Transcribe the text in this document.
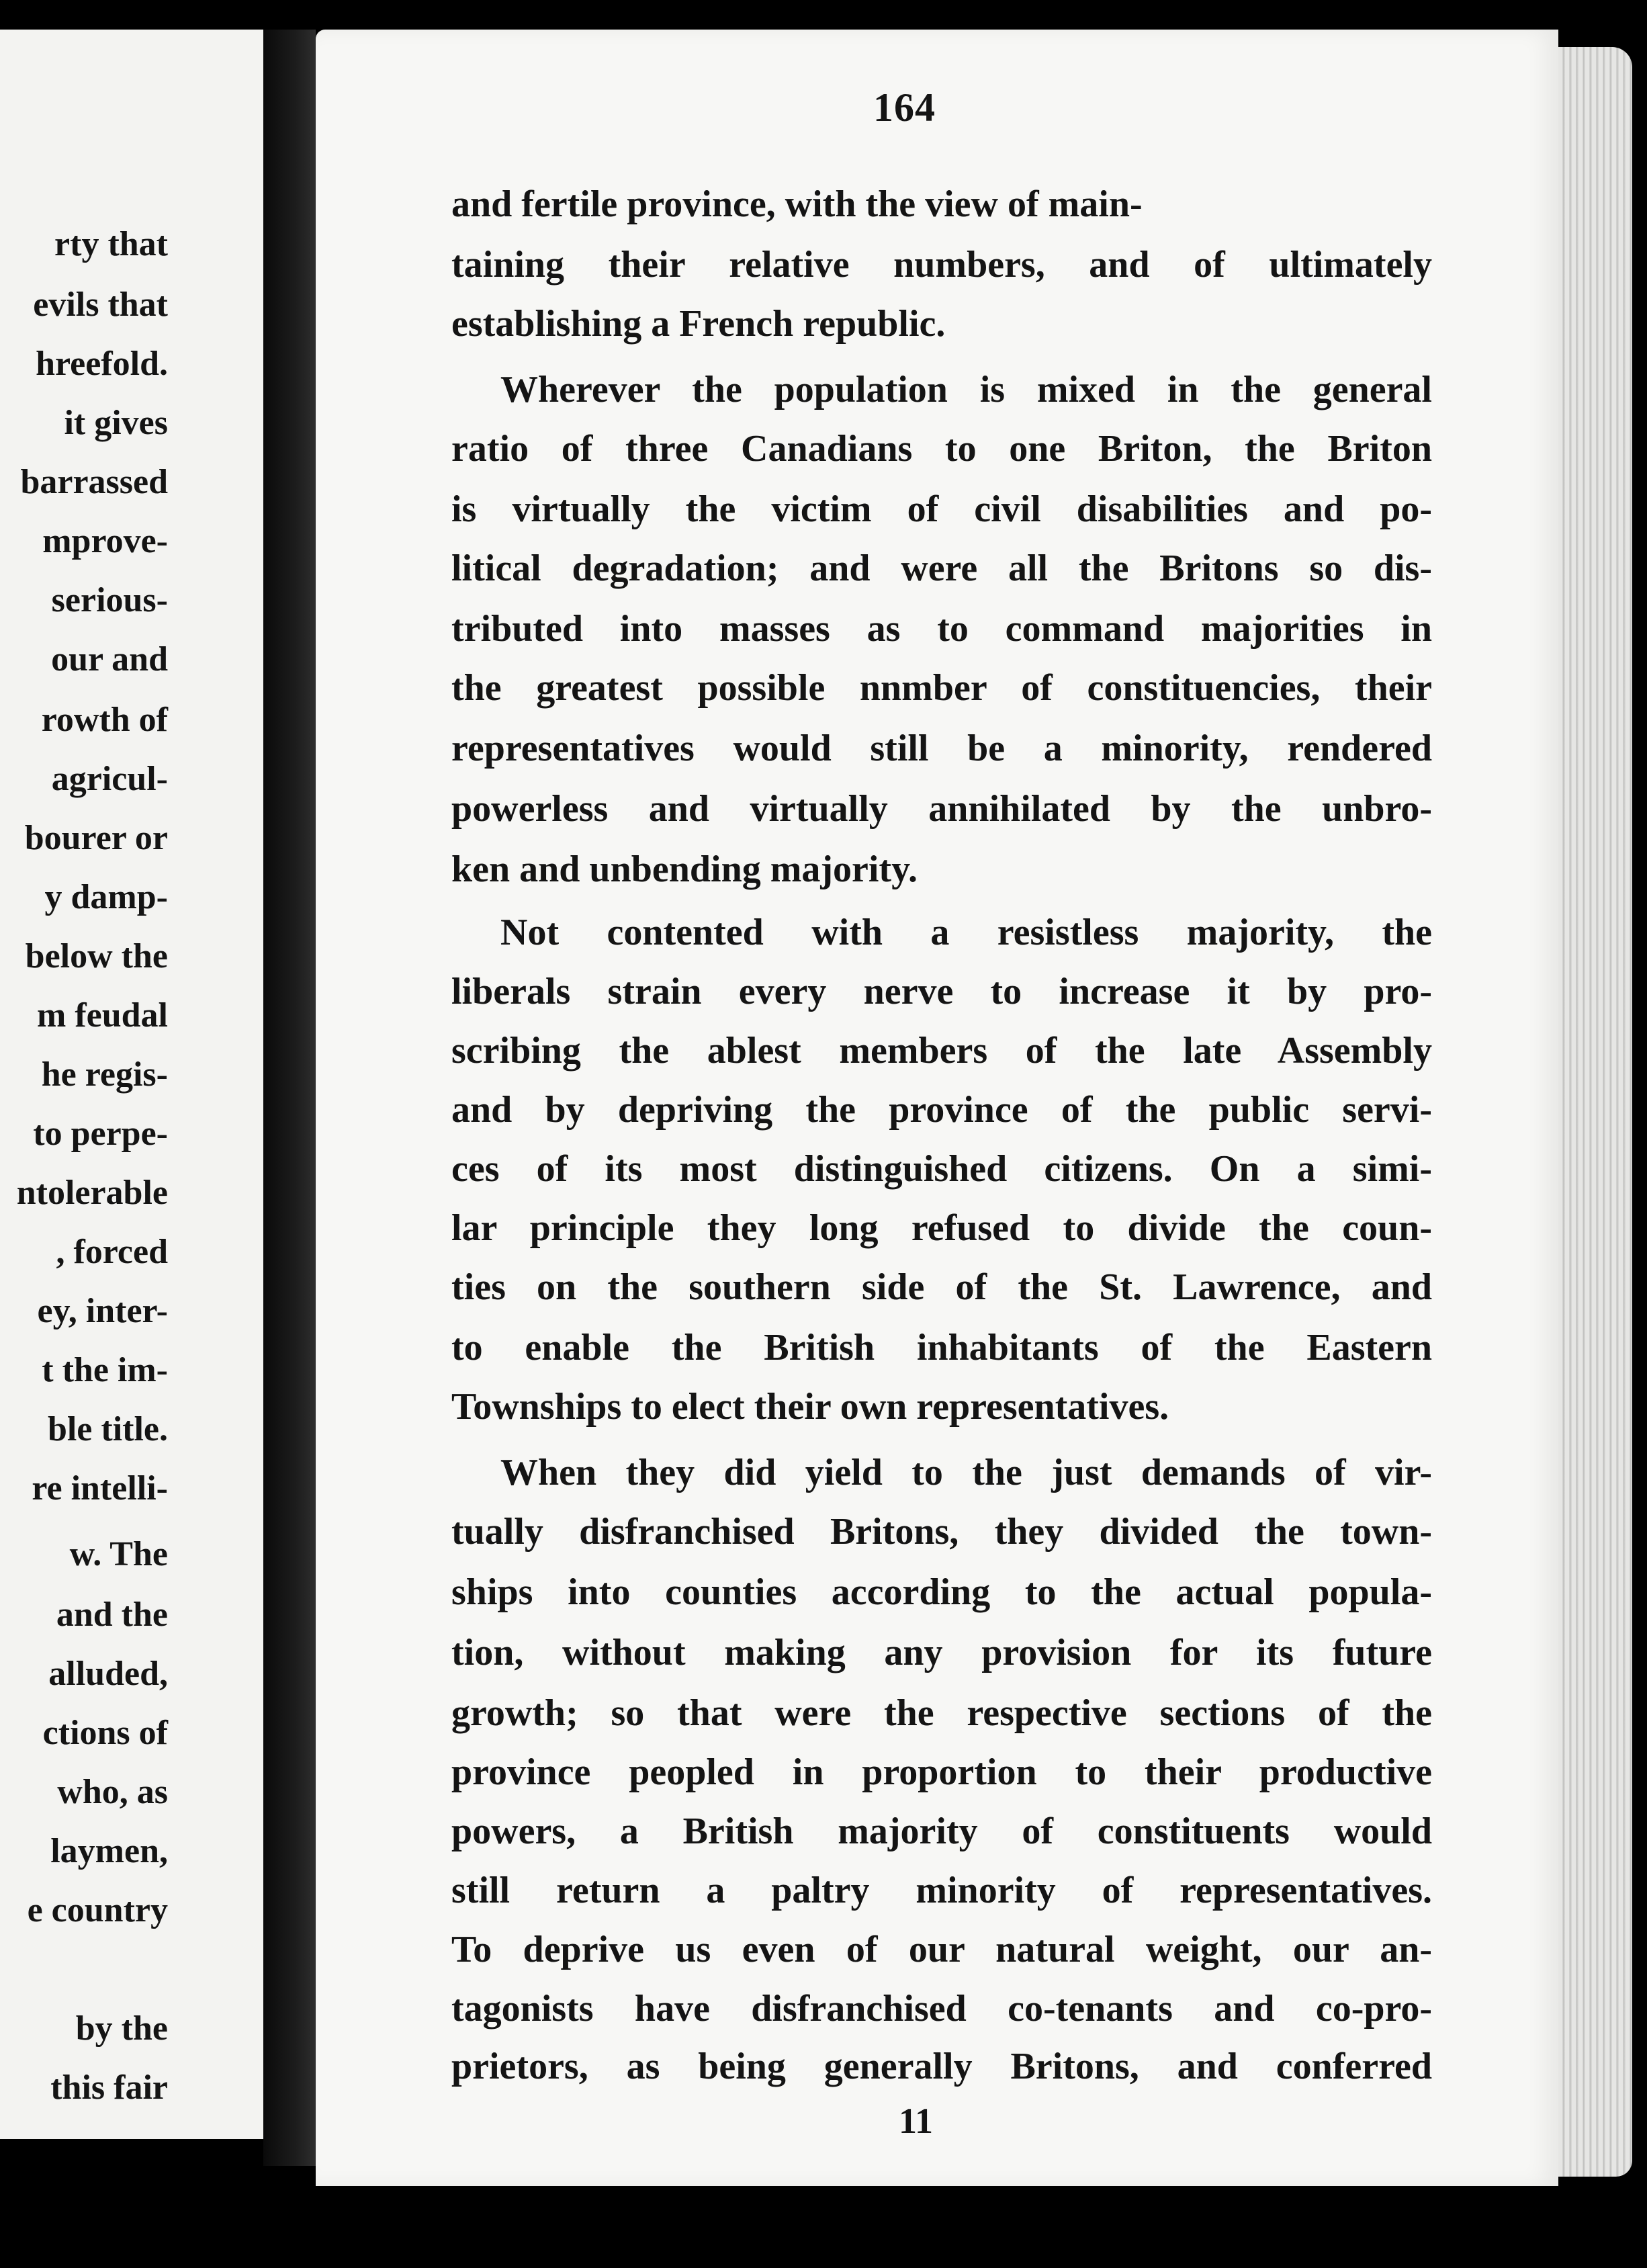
rty that
evils that
hreefold.
it gives
barrassed
mprove-
serious-
our and
rowth of
agricul-
bourer or
y damp-
below the
m feudal
he regis-
to perpe-
ntolerable
, forced
ey, inter-
t the im-
ble title.
re intelli-
w. The
and the
alluded,
ctions of
who, as
laymen,
e country
by the
this fair
164
and fertile province, with the view of main-
taining their relative numbers, and of ultimately
establishing a French republic.
Wherever the population is mixed in the general
ratio of three Canadians to one Briton, the Briton
is virtually the victim of civil disabilities and po-
litical degradation; and were all the Britons so dis-
tributed into masses as to command majorities in
the greatest possible nnmber of constituencies, their
representatives would still be a minority, rendered
powerless and virtually annihilated by the unbro-
ken and unbending majority.
Not contented with a resistless majority, the
liberals strain every nerve to increase it by pro-
scribing the ablest members of the late Assembly
and by depriving the province of the public servi-
ces of its most distinguished citizens. On a simi-
lar principle they long refused to divide the coun-
ties on the southern side of the St. Lawrence, and
to enable the British inhabitants of the Eastern
Townships to elect their own representatives.
When they did yield to the just demands of vir-
tually disfranchised Britons, they divided the town-
ships into counties according to the actual popula-
tion, without making any provision for its future
growth; so that were the respective sections of the
province peopled in proportion to their productive
powers, a British majority of constituents would
still return a paltry minority of representatives.
To deprive us even of our natural weight, our an-
tagonists have disfranchised co-tenants and co-pro-
prietors, as being generally Britons, and conferred
11
